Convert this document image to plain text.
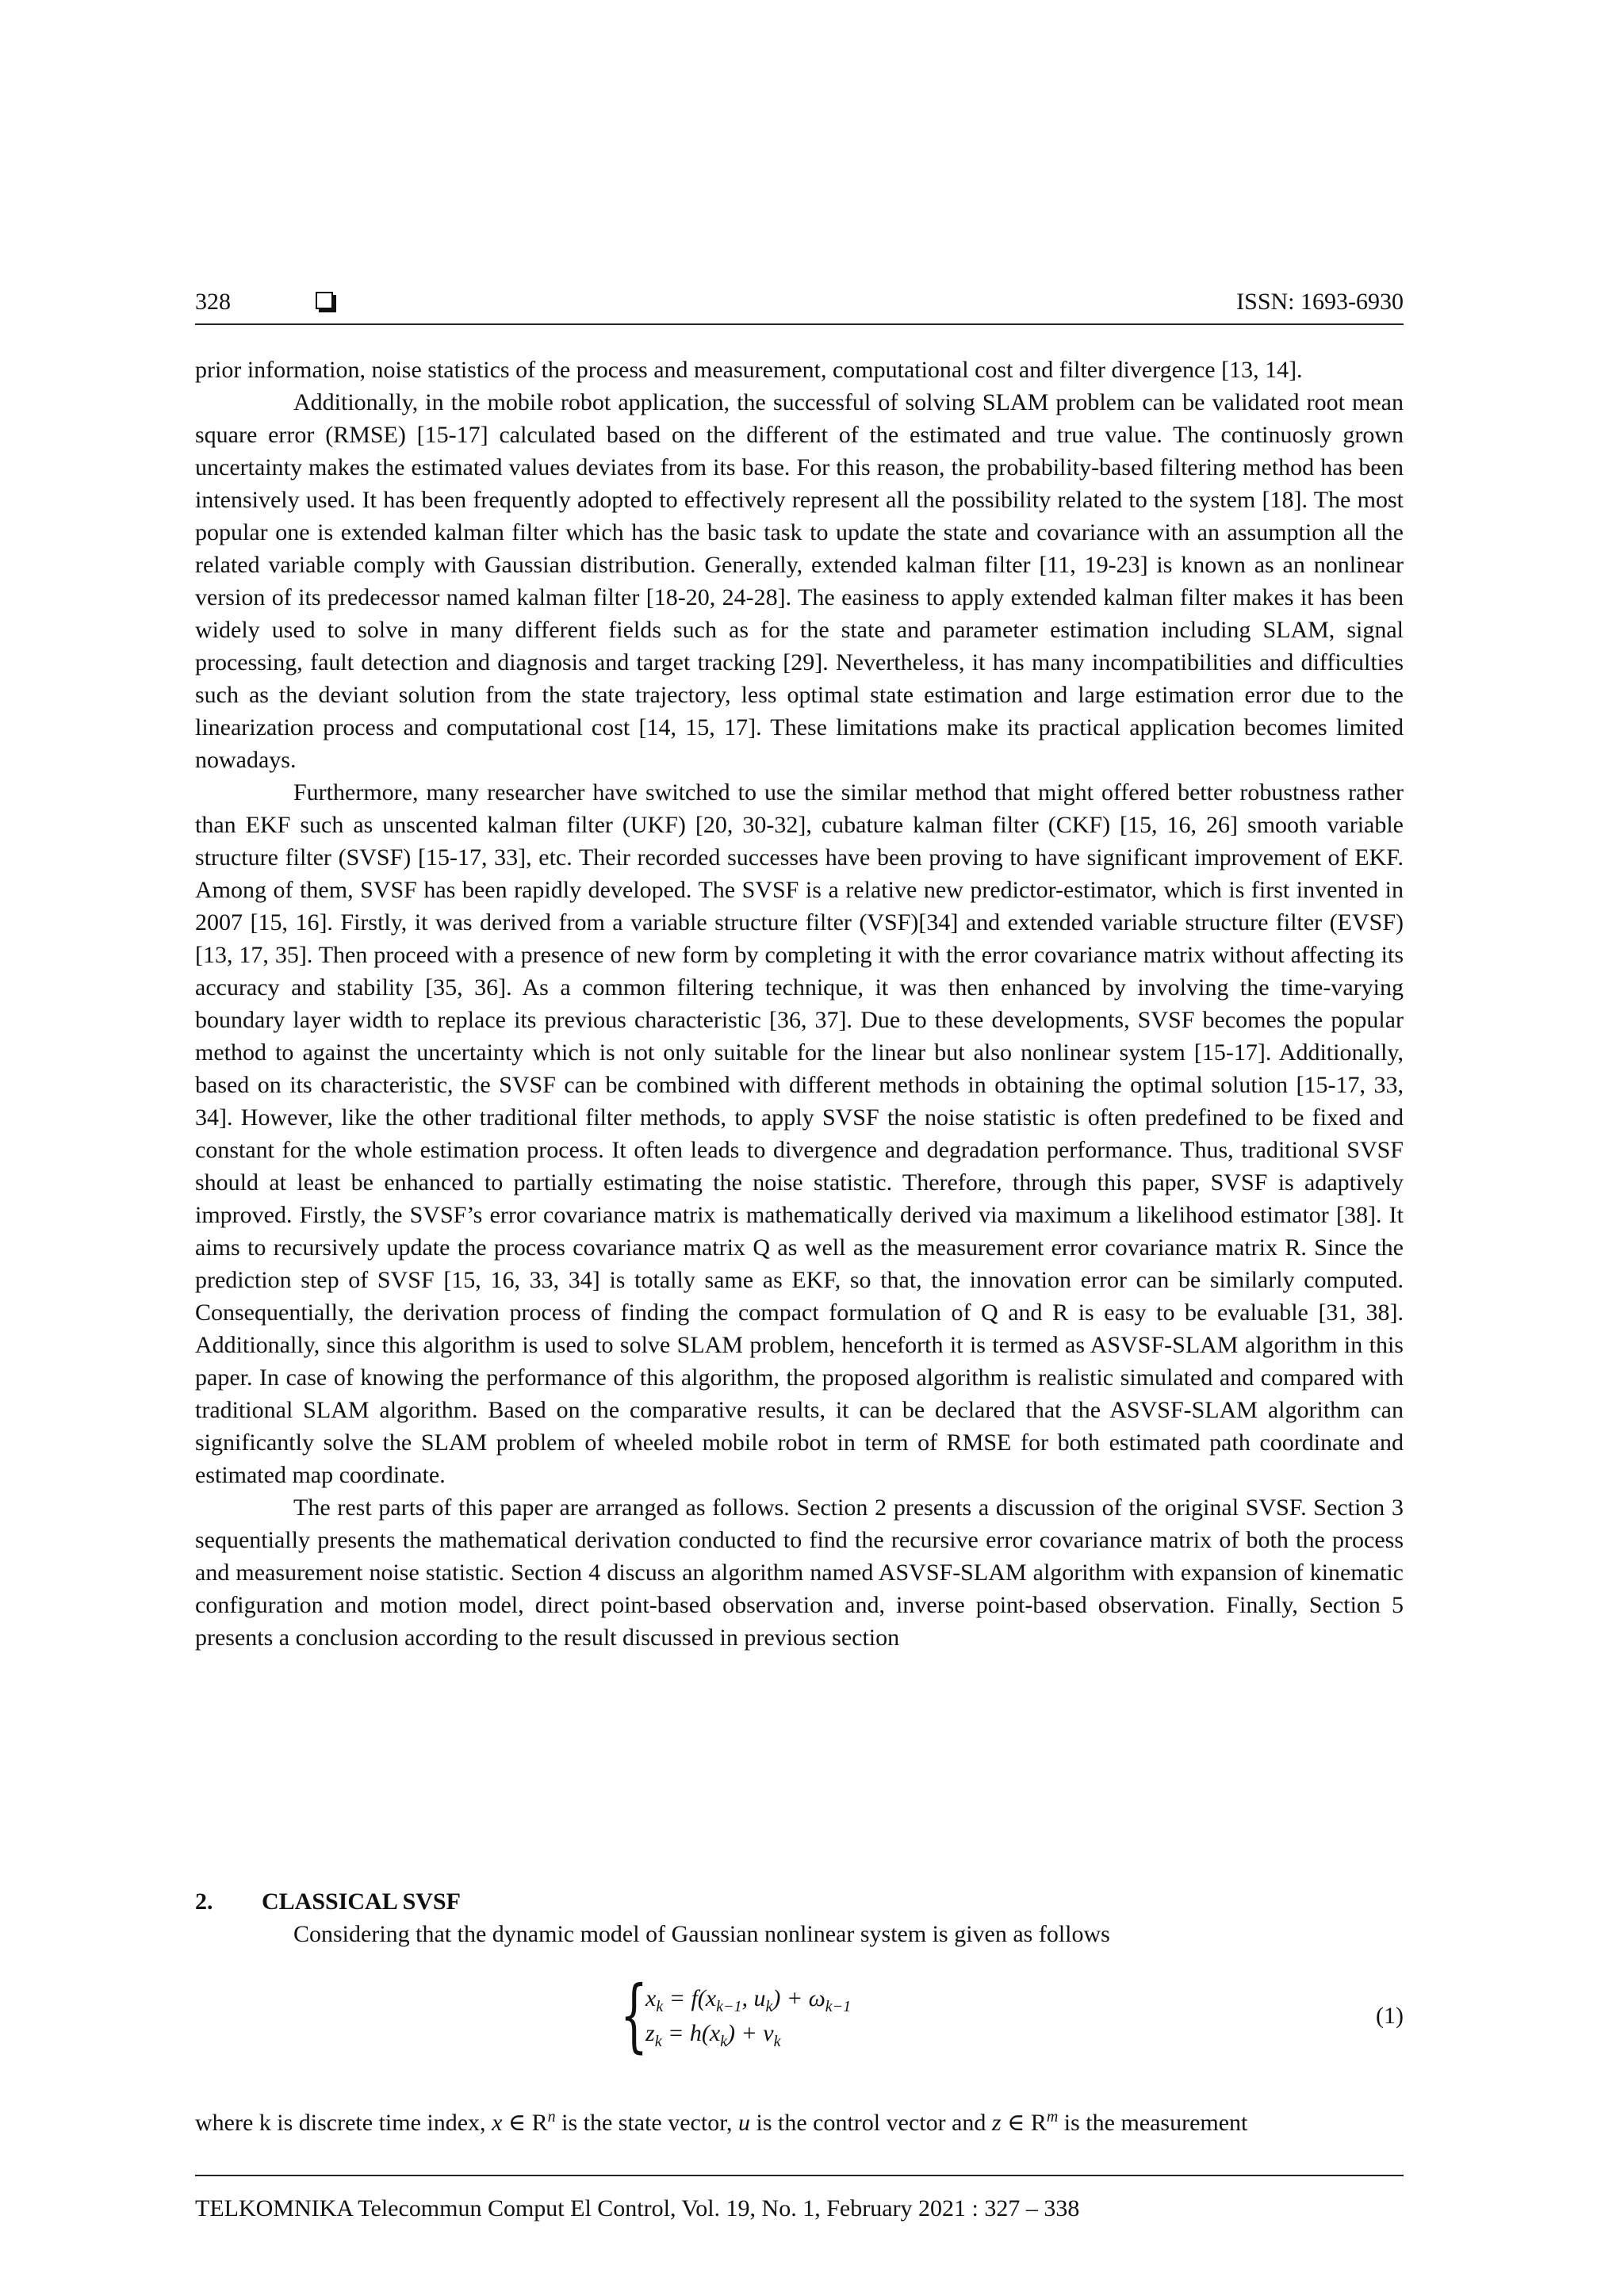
328	ISSN: 1693-6930

prior information, noise statistics of the process and measurement, computational cost and filter divergence [13, 14].

Additionally, in the mobile robot application, the successful of solving SLAM problem can be validated root mean square error (RMSE) [15-17] calculated based on the different of the estimated and true value. The continuosly grown uncertainty makes the estimated values deviates from its base. For this reason, the probability-based filtering method has been intensively used. It has been frequently adopted to effectively represent all the possibility related to the system [18]. The most popular one is extended kalman filter which has the basic task to update the state and covariance with an assumption all the related variable comply with Gaussian distribution. Generally, extended kalman filter [11, 19-23] is known as an nonlinear version of its predecessor named kalman filter [18-20, 24-28]. The easiness to apply extended kalman filter makes it has been widely used to solve in many different fields such as for the state and parameter estimation including SLAM, signal processing, fault detection and diagnosis and target tracking [29]. Nevertheless, it has many incompatibilities and difficulties such as the deviant solution from the state trajectory, less optimal state estimation and large estimation error due to the linearization process and computational cost [14, 15, 17]. These limitations make its practical application becomes limited nowadays.

Furthermore, many researcher have switched to use the similar method that might offered better robustness rather than EKF such as unscented kalman filter (UKF) [20, 30-32], cubature kalman filter (CKF) [15, 16, 26] smooth variable structure filter (SVSF) [15-17, 33], etc. Their recorded successes have been proving to have significant improvement of EKF. Among of them, SVSF has been rapidly developed. The SVSF is a relative new predictor-estimator, which is first invented in 2007 [15, 16]. Firstly, it was derived from a variable structure filter (VSF)[34] and extended variable structure filter (EVSF) [13, 17, 35]. Then proceed with a presence of new form by completing it with the error covariance matrix without affecting its accuracy and stability [35, 36]. As a common filtering technique, it was then enhanced by involving the time-varying boundary layer width to replace its previous characteristic [36, 37]. Due to these developments, SVSF becomes the popular method to against the uncertainty which is not only suitable for the linear but also nonlinear system [15-17]. Additionally, based on its characteristic, the SVSF can be combined with different methods in obtaining the optimal solution [15-17, 33, 34]. However, like the other traditional filter methods, to apply SVSF the noise statistic is often predefined to be fixed and constant for the whole estimation process. It often leads to divergence and degradation performance. Thus, traditional SVSF should at least be enhanced to partially estimating the noise statistic. Therefore, through this paper, SVSF is adaptively improved. Firstly, the SVSF’s error covariance matrix is mathematically derived via maximum a likelihood estimator [38]. It aims to recursively update the process covariance matrix Q as well as the measurement error covariance matrix R. Since the prediction step of SVSF [15, 16, 33, 34] is totally same as EKF, so that, the innovation error can be similarly computed. Consequentially, the derivation process of finding the compact formulation of Q and R is easy to be evaluable [31, 38]. Additionally, since this algorithm is used to solve SLAM problem, henceforth it is termed as ASVSF-SLAM algorithm in this paper. In case of knowing the performance of this algorithm, the proposed algorithm is realistic simulated and compared with traditional SLAM algorithm. Based on the comparative results, it can be declared that the ASVSF-SLAM algorithm can significantly solve the SLAM problem of wheeled mobile robot in term of RMSE for both estimated path coordinate and estimated map coordinate.

The rest parts of this paper are arranged as follows. Section 2 presents a discussion of the original SVSF. Section 3 sequentially presents the mathematical derivation conducted to find the recursive error covariance matrix of both the process and measurement noise statistic. Section 4 discuss an algorithm named ASVSF-SLAM algorithm with expansion of kinematic configuration and motion model, direct point-based observation and, inverse point-based observation. Finally, Section 5 presents a conclusion according to the result discussed in previous section

2. CLASSICAL SVSF

Considering that the dynamic model of Gaussian nonlinear system is given as follows

{
$x_k = f(x_{k-1}$, $u_k) + \omega_{k-1}$
$z_k = h(x_k) + \nu_k$
(1)
where k is discrete time index, x ∈ $R^n$ is the state vector, u is the control vector and z ∈ $R^m$ is the measurement
TELKOMNIKA Telecommun Comput El Control, Vol. 19, No. 1, February 2021 : 327 – 338
